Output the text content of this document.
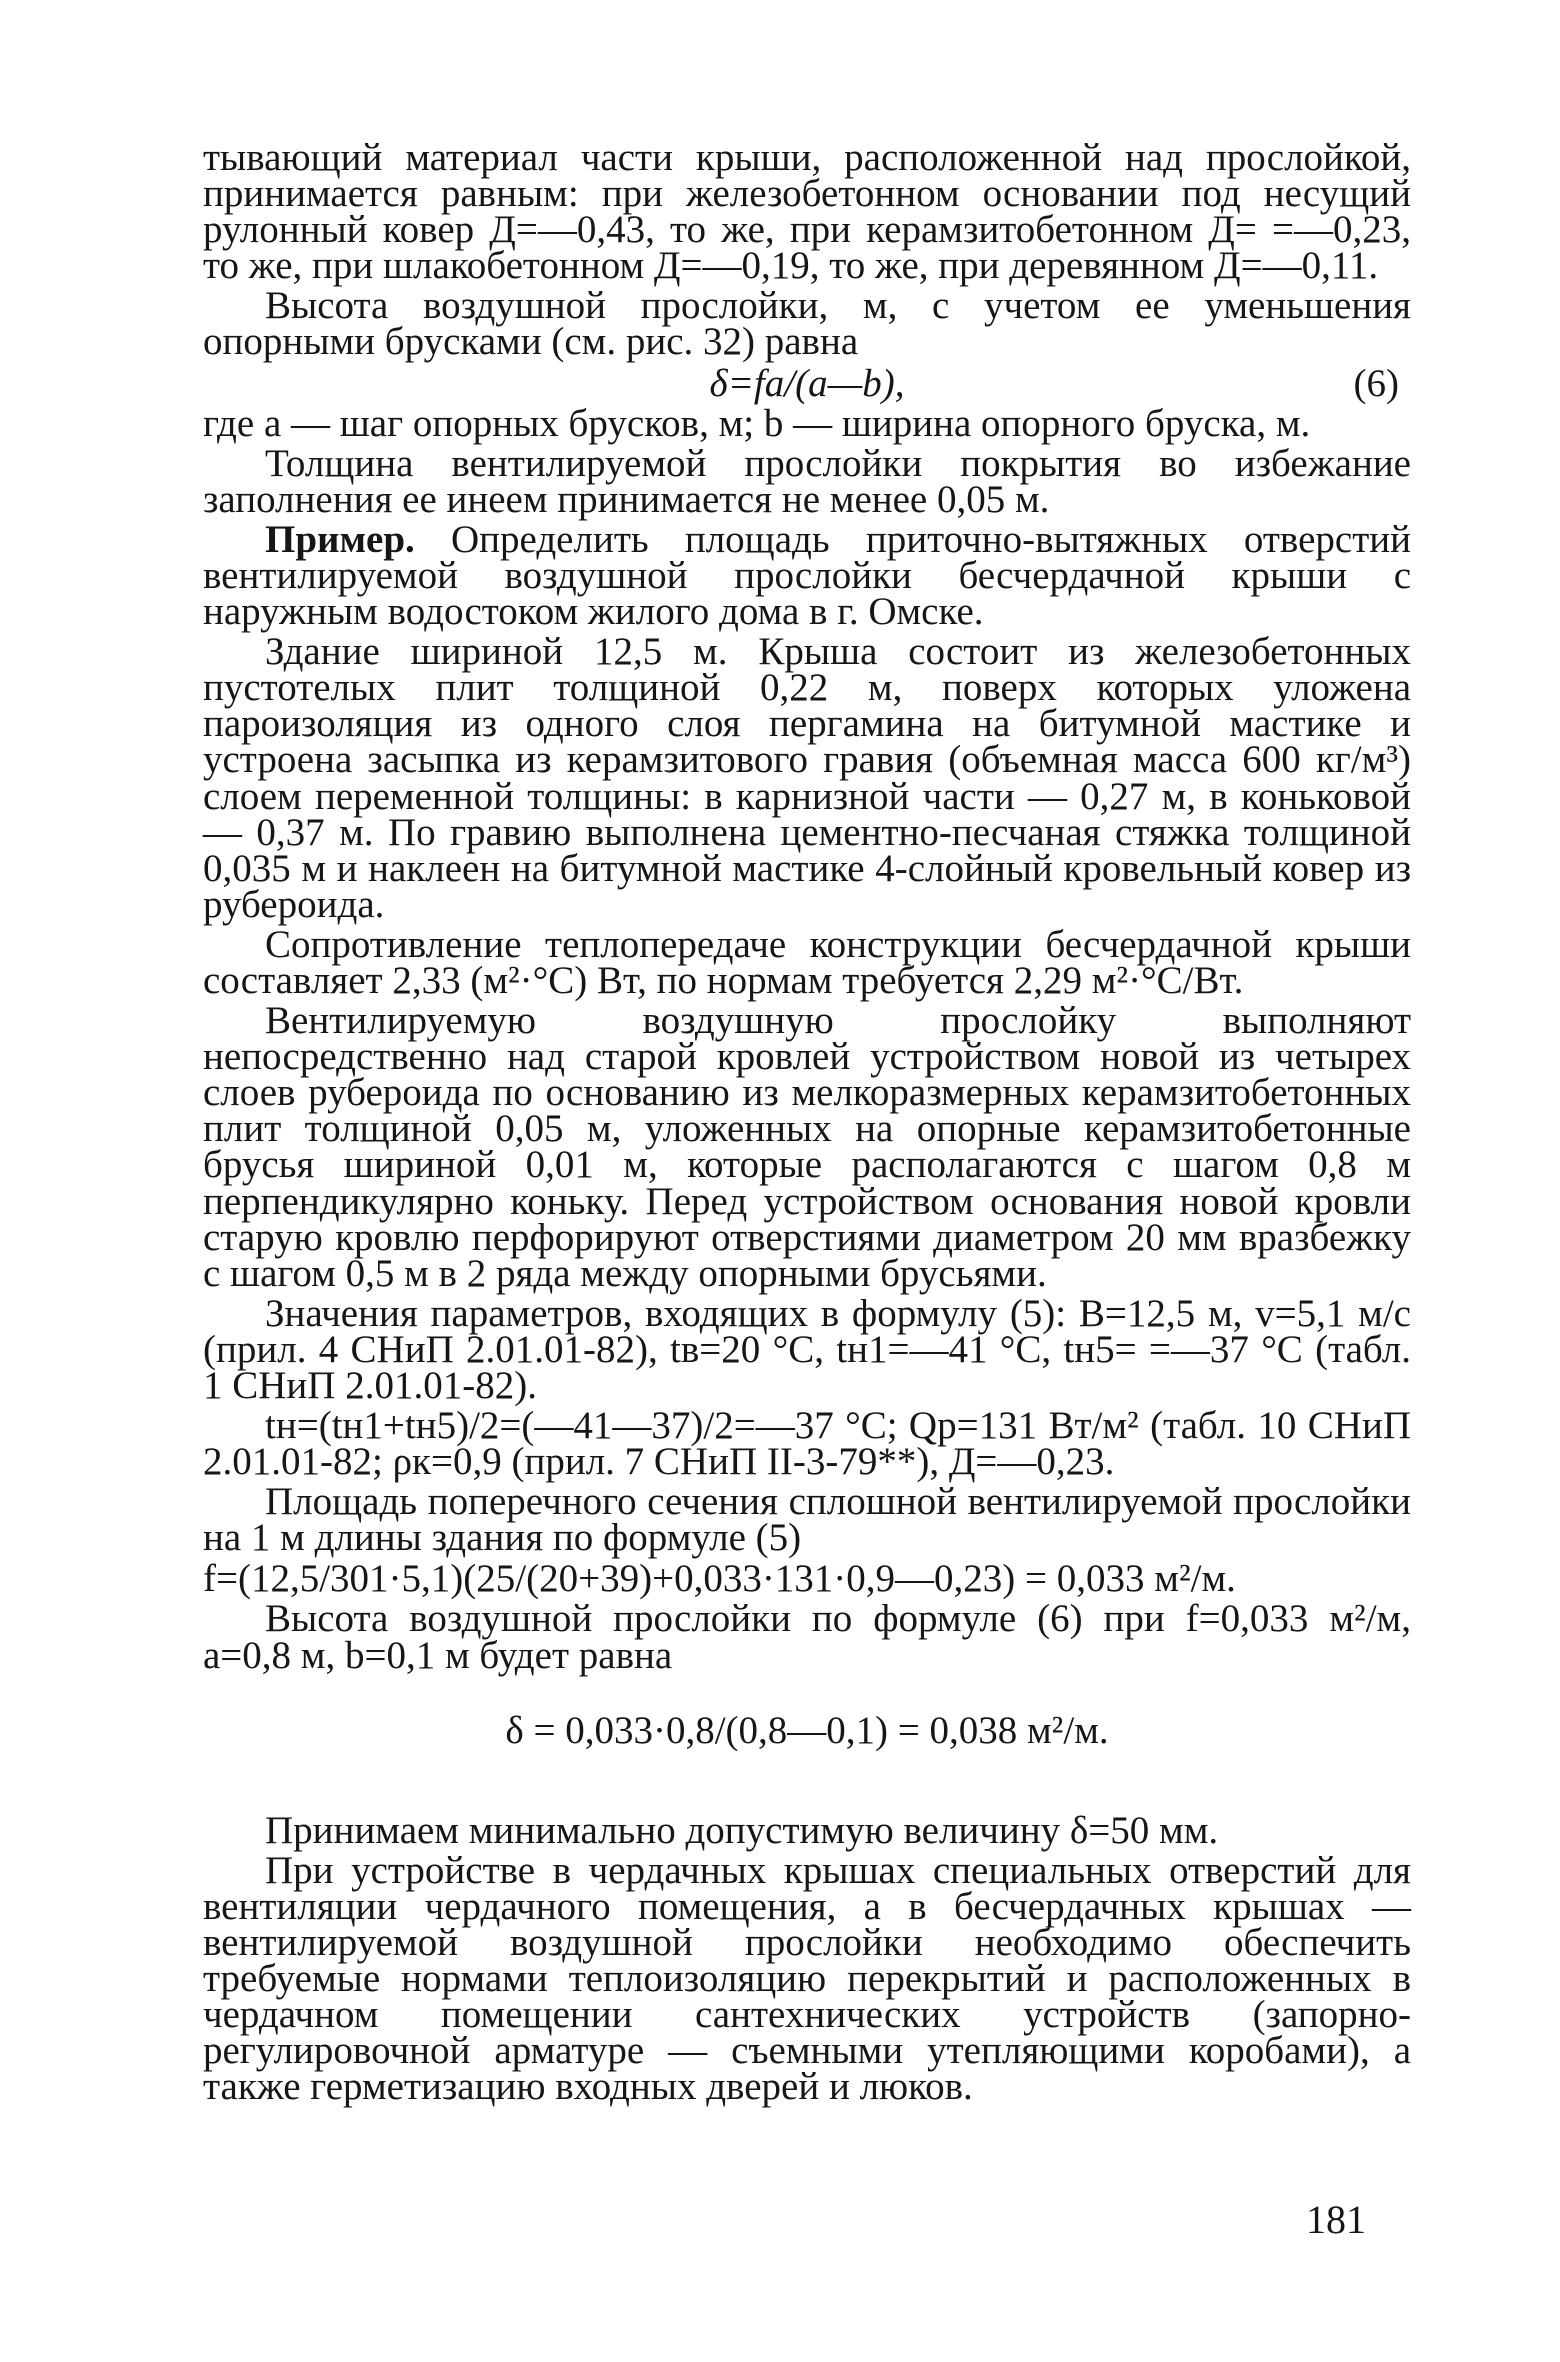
тывающий материал части крыши, расположенной над прослойкой, принимается равным: при железобетонном основании под несущий рулонный ковер Д=—0,43, то же, при керамзитобетонном Д= =—0,23, то же, при шлакобетонном Д=—0,19, то же, при деревянном Д=—0,11.

Высота воздушной прослойки, м, с учетом ее уменьшения опорными брусками (см. рис. 32) равна

δ=fa/(a—b),	(6)

где a — шаг опорных брусков, м; b — ширина опорного бруска, м.

Толщина вентилируемой прослойки покрытия во избежание заполнения ее инеем принимается не менее 0,05 м.

Пример. Определить площадь приточно-вытяжных отверстий вентилируемой воздушной прослойки бесчердачной крыши с наружным водостоком жилого дома в г. Омске.

Здание шириной 12,5 м. Крыша состоит из железобетонных пустотелых плит толщиной 0,22 м, поверх которых уложена пароизоляция из одного слоя пергамина на битумной мастике и устроена засыпка из керамзитового гравия (объемная масса 600 кг/м³) слоем переменной толщины: в карнизной части — 0,27 м, в коньковой — 0,37 м. По гравию выполнена цементно-песчаная стяжка толщиной 0,035 м и наклеен на битумной мастике 4-слойный кровельный ковер из рубероида.

Сопротивление теплопередаче конструкции бесчердачной крыши составляет 2,33 (м²·°С) Вт, по нормам требуется 2,29 м²·°С/Вт.

Вентилируемую воздушную прослойку выполняют непосредственно над старой кровлей устройством новой из четырех слоев рубероида по основанию из мелкоразмерных керамзитобетонных плит толщиной 0,05 м, уложенных на опорные керамзитобетонные брусья шириной 0,01 м, которые располагаются с шагом 0,8 м перпендикулярно коньку. Перед устройством основания новой кровли старую кровлю перфорируют отверстиями диаметром 20 мм вразбежку с шагом 0,5 м в 2 ряда между опорными брусьями.

Значения параметров, входящих в формулу (5): B=12,5 м, v=5,1 м/с (прил. 4 СНиП 2.01.01-82), tв=20 °С, tн1=—41 °С, tн5= =—37 °С (табл. 1 СНиП 2.01.01-82).

tн=(tн1+tн5)/2=(—41—37)/2=—37 °С; Qр=131 Вт/м² (табл. 10 СНиП 2.01.01-82; ρк=0,9 (прил. 7 СНиП II-3-79**), Д=—0,23.

Площадь поперечного сечения сплошной вентилируемой прослойки на 1 м длины здания по формуле (5)

f=(12,5/301·5,1)(25/(20+39)+0,033·131·0,9—0,23) = 0,033 м²/м.

Высота воздушной прослойки по формуле (6) при f=0,033 м²/м, a=0,8 м, b=0,1 м будет равна

δ = 0,033·0,8/(0,8—0,1) = 0,038 м²/м.

Принимаем минимально допустимую величину δ=50 мм.

При устройстве в чердачных крышах специальных отверстий для вентиляции чердачного помещения, а в бесчердачных крышах — вентилируемой воздушной прослойки необходимо обеспечить требуемые нормами теплоизоляцию перекрытий и расположенных в чердачном помещении сантехнических устройств (запорно-регулировочной арматуре — съемными утепляющими коробами), а также герметизацию входных дверей и люков.

181
